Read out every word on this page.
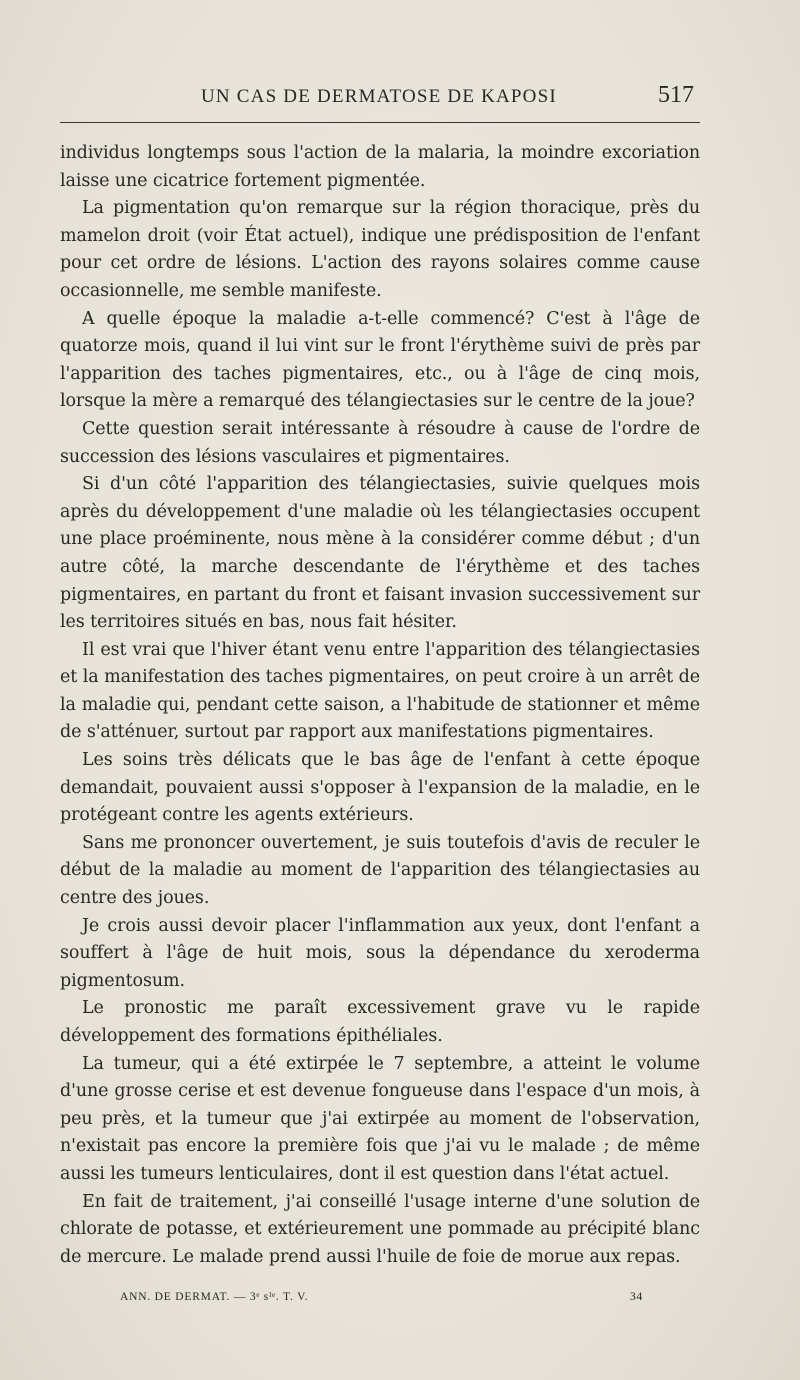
UN CAS DE DERMATOSE DE KAPOSI	517

individus longtemps sous l'action de la malaria, la moindre excoriation laisse une cicatrice fortement pigmentée.

La pigmentation qu'on remarque sur la région thoracique, près du mamelon droit (voir État actuel), indique une prédisposition de l'enfant pour cet ordre de lésions. L'action des rayons solaires comme cause occasionnelle, me semble manifeste.

A quelle époque la maladie a-t-elle commencé? C'est à l'âge de quatorze mois, quand il lui vint sur le front l'érythème suivi de près par l'apparition des taches pigmentaires, etc., ou à l'âge de cinq mois, lorsque la mère a remarqué des télangiectasies sur le centre de la joue?

Cette question serait intéressante à résoudre à cause de l'ordre de succession des lésions vasculaires et pigmentaires.

Si d'un côté l'apparition des télangiectasies, suivie quelques mois après du développement d'une maladie où les télangiectasies occupent une place proéminente, nous mène à la considérer comme début ; d'un autre côté, la marche descendante de l'érythème et des taches pigmentaires, en partant du front et faisant invasion successivement sur les territoires situés en bas, nous fait hésiter.

Il est vrai que l'hiver étant venu entre l'apparition des télangiectasies et la manifestation des taches pigmentaires, on peut croire à un arrêt de la maladie qui, pendant cette saison, a l'habitude de stationner et même de s'atténuer, surtout par rapport aux manifestations pigmentaires.

Les soins très délicats que le bas âge de l'enfant à cette époque demandait, pouvaient aussi s'opposer à l'expansion de la maladie, en le protégeant contre les agents extérieurs.

Sans me prononcer ouvertement, je suis toutefois d'avis de reculer le début de la maladie au moment de l'apparition des télangiectasies au centre des joues.

Je crois aussi devoir placer l'inflammation aux yeux, dont l'enfant a souffert à l'âge de huit mois, sous la dépendance du xeroderma pigmentosum.

Le pronostic me paraît excessivement grave vu le rapide développement des formations épithéliales.

La tumeur, qui a été extirpée le 7 septembre, a atteint le volume d'une grosse cerise et est devenue fongueuse dans l'espace d'un mois, à peu près, et la tumeur que j'ai extirpée au moment de l'observation, n'existait pas encore la première fois que j'ai vu le malade ; de même aussi les tumeurs lenticulaires, dont il est question dans l'état actuel.

En fait de traitement, j'ai conseillé l'usage interne d'une solution de chlorate de potasse, et extérieurement une pommade au précipité blanc de mercure. Le malade prend aussi l'huile de foie de morue aux repas.

ANN. DE DERMAT. — 3ᵉ sᴵᵉ. T. V.	34
